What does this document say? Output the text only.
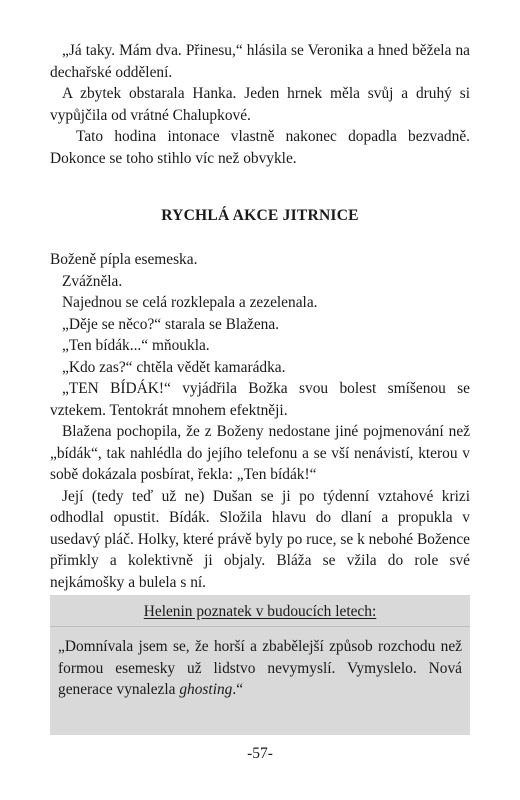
„Já taky. Mám dva. Přinesu,“ hlásila se Veronika a hned běžela na dechařské oddělení.

A zbytek obstarala Hanka. Jeden hrnek měla svůj a druhý si vypůjčila od vrátné Chalupkové.

Tato hodina intonace vlastně nakonec dopadla bezvadně. Dokonce se toho stihlo víc než obvykle.

RYCHLÁ AKCE JITRNICE

Boženě pípla esemeska.

Zvážněla.

Najednou se celá rozklepala a zezelenala.

„Děje se něco?“ starala se Blažena.

„Ten bídák...“ mňoukla.

„Kdo zas?“ chtěla vědět kamarádka.

„TEN BÍDÁK!“ vyjádřila Božka svou bolest smíšenou se vztekem. Tentokrát mnohem efektněji.

Blažena pochopila, že z Boženy nedostane jiné pojmenování než „bídák“, tak nahlédla do jejího telefonu a se vší nenávistí, kterou v sobě dokázala posbírat, řekla: „Ten bídák!“

Její (tedy teď už ne) Dušan se ji po týdenní vztahové krizi odhodlal opustit. Bídák. Složila hlavu do dlaní a propukla v usedavý pláč. Holky, které právě byly po ruce, se k nebohé Božence přimkly a kolektivně ji objaly. Bláža se vžila do role své nejkámošky a bulela s ní.

Helenin poznatek v budoucích letech:

„Domnívala jsem se, že horší a zbabělejší způsob rozchodu než formou esemesky už lidstvo nevymyslí. Vymyslelo. Nová generace vynalezla ghosting.“

-57-
